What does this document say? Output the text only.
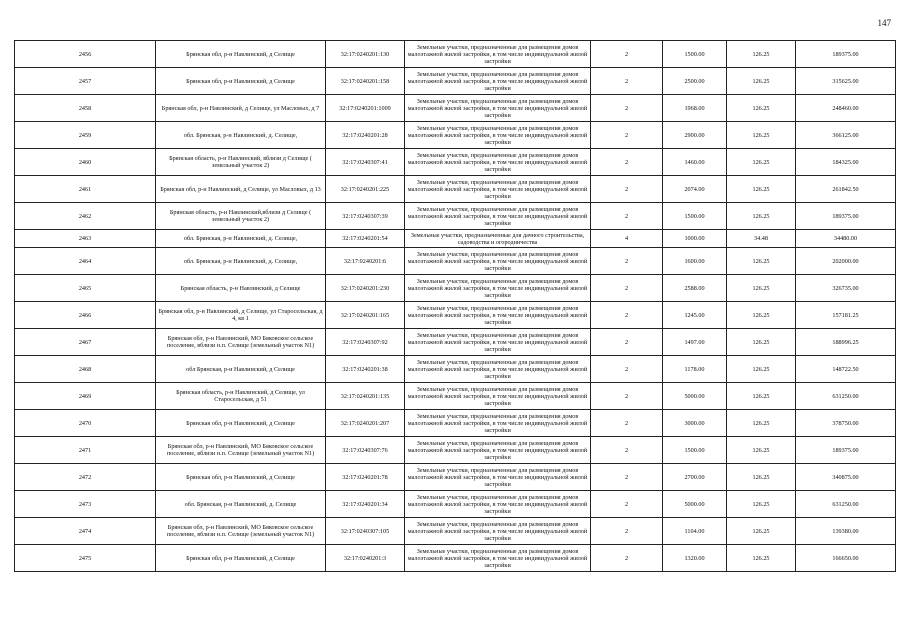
147
2456	Брянская обл, р-н Навлинский, д Селище	32:17:0240201:130	Земельные участки, предназначенные для размещения домов малоэтажной жилой застройки, в том числе индивидуальной жилой застройки	2	1500.00	126.25	189375.00
2457	Брянская обл, р-н Навлинский, д Селище	32:17:0240201:158	Земельные участки, предназначенные для размещения домов малоэтажной жилой застройки, в том числе индивидуальной жилой застройки	2	2500.00	126.25	315625.00
2458	Брянская обл, р-н Навлинский, д Селище, ул Масловых, д 7	32:17:0240201:1009	Земельные участки, предназначенные для размещения домов малоэтажной жилой застройки, в том числе индивидуальной жилой застройки	2	1968.00	126.25	248460.00
2459	обл. Брянская, р-н Навлинский, д. Селище,	32:17:0240201:28	Земельные участки, предназначенные для размещения домов малоэтажной жилой застройки, в том числе индивидуальной жилой застройки	2	2900.00	126.25	366125.00
2460	Брянская область, р-н Навлинский, вблизи д Селище ( земельный участок 2)	32:17:0240307:41	Земельные участки, предназначенные для размещения домов малоэтажной жилой застройки, в том числе индивидуальной жилой застройки	2	1460.00	126.25	184325.00
2461	Брянская обл, р-н Навлинский, д Селище, ул Масловых, д 13	32:17:0240201:225	Земельные участки, предназначенные для размещения домов малоэтажной жилой застройки, в том числе индивидуальной жилой застройки	2	2074.00	126.25	261842.50
2462	Брянская область, р-н Навлинский,вблизи д Селище ( земельный участок 2)	32:17:0240307:39	Земельные участки, предназначенные для размещения домов малоэтажной жилой застройки, в том числе индивидуальной жилой застройки	2	1500.00	126.25	189375.00
2463	обл. Брянская, р-н Навлинский, д. Селище,	32:17:0240201:54	Земельные участки, предназначенные для дачного строительства, садоводства и огородничества	4	1000.00	34.48	34480.00
2464	обл. Брянская, р-н Навлинский, д. Селище,	32:17:0240201:6	Земельные участки, предназначенные для размещения домов малоэтажной жилой застройки, в том числе индивидуальной жилой застройки	2	1600.00	126.25	202000.00
2465	Брянская область, р-н Навлинский, д Селище	32:17:0240201:230	Земельные участки, предназначенные для размещения домов малоэтажной жилой застройки, в том числе индивидуальной жилой застройки	2	2588.00	126.25	326735.00
2466	Брянская обл, р-н Навлинский, д Селище, ул Старосельская, д 4, кв 1	32:17:0240201:165	Земельные участки, предназначенные для размещения домов малоэтажной жилой застройки, в том числе индивидуальной жилой застройки	2	1245.00	126.25	157181.25
2467	Брянская обл, р-н Навлинский, МО Бяковское сельское поселение, вблизи н.п. Селище (земельный участок N1)	32:17:0240307:92	Земельные участки, предназначенные для размещения домов малоэтажной жилой застройки, в том числе индивидуальной жилой застройки	2	1497.00	126.25	188996.25
2468	обл Брянская, р-н Навлинский, д Селище	32:17:0240201:38	Земельные участки, предназначенные для размещения домов малоэтажной жилой застройки, в том числе индивидуальной жилой застройки	2	1178.00	126.25	148722.50
2469	Брянская область, р-н Навлинский, д Селище, ул Старосельская, д 51	32:17:0240201:135	Земельные участки, предназначенные для размещения домов малоэтажной жилой застройки, в том числе индивидуальной жилой застройки	2	5000.00	126.25	631250.00
2470	Брянская обл, р-н Навлинский, д Селище	32:17:0240201:207	Земельные участки, предназначенные для размещения домов малоэтажной жилой застройки, в том числе индивидуальной жилой застройки	2	3000.00	126.25	378750.00
2471	Брянская обл, р-н Навлинский, МО Бяковское сельское поселение, вблизи н.п. Селище (земельный участок N1)	32:17:0240307:76	Земельные участки, предназначенные для размещения домов малоэтажной жилой застройки, в том числе индивидуальной жилой застройки	2	1500.00	126.25	189375.00
2472	Брянская обл, р-н Навлинский, д Селище	32:17:0240201:78	Земельные участки, предназначенные для размещения домов малоэтажной жилой застройки, в том числе индивидуальной жилой застройки	2	2700.00	126.25	340875.00
2473	обл. Брянская, р-н Навлинский, д. Селище	32:17:0240201:34	Земельные участки, предназначенные для размещения домов малоэтажной жилой застройки, в том числе индивидуальной жилой застройки	2	5000.00	126.25	631250.00
2474	Брянская обл, р-н Навлинский, МО Бяковское сельское поселение, вблизи н.п. Селище (земельный участок N1)	32:17:0240307:105	Земельные участки, предназначенные для размещения домов малоэтажной жилой застройки, в том числе индивидуальной жилой застройки	2	1104.00	126.25	139380.00
2475	Брянская обл, р-н Навлинский, д Селище	32:17:0240201:3	Земельные участки, предназначенные для размещения домов малоэтажной жилой застройки, в том числе индивидуальной жилой застройки	2	1320.00	126.25	166650.00
